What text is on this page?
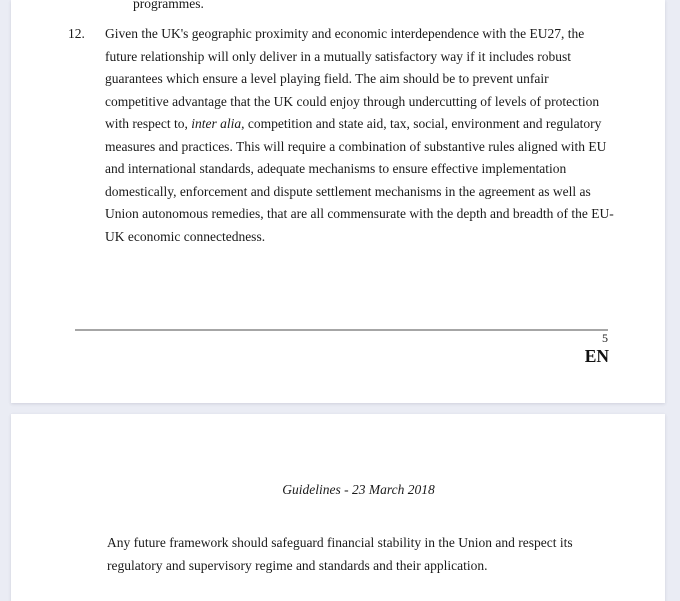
programmes.
12.	Given the UK's geographic proximity and economic interdependence with the EU27, the
future relationship will only deliver in a mutually satisfactory way if it includes robust
guarantees which ensure a level playing field. The aim should be to prevent unfair
competitive advantage that the UK could enjoy through undercutting of levels of protection
with respect to, inter alia, competition and state aid, tax, social, environment and regulatory
measures and practices. This will require a combination of substantive rules aligned with EU
and international standards, adequate mechanisms to ensure effective implementation
domestically, enforcement and dispute settlement mechanisms in the agreement as well as
Union autonomous remedies, that are all commensurate with the depth and breadth of the EU-
UK economic connectedness.
5
EN
Guidelines - 23 March 2018
Any future framework should safeguard financial stability in the Union and respect its
regulatory and supervisory regime and standards and their application.
